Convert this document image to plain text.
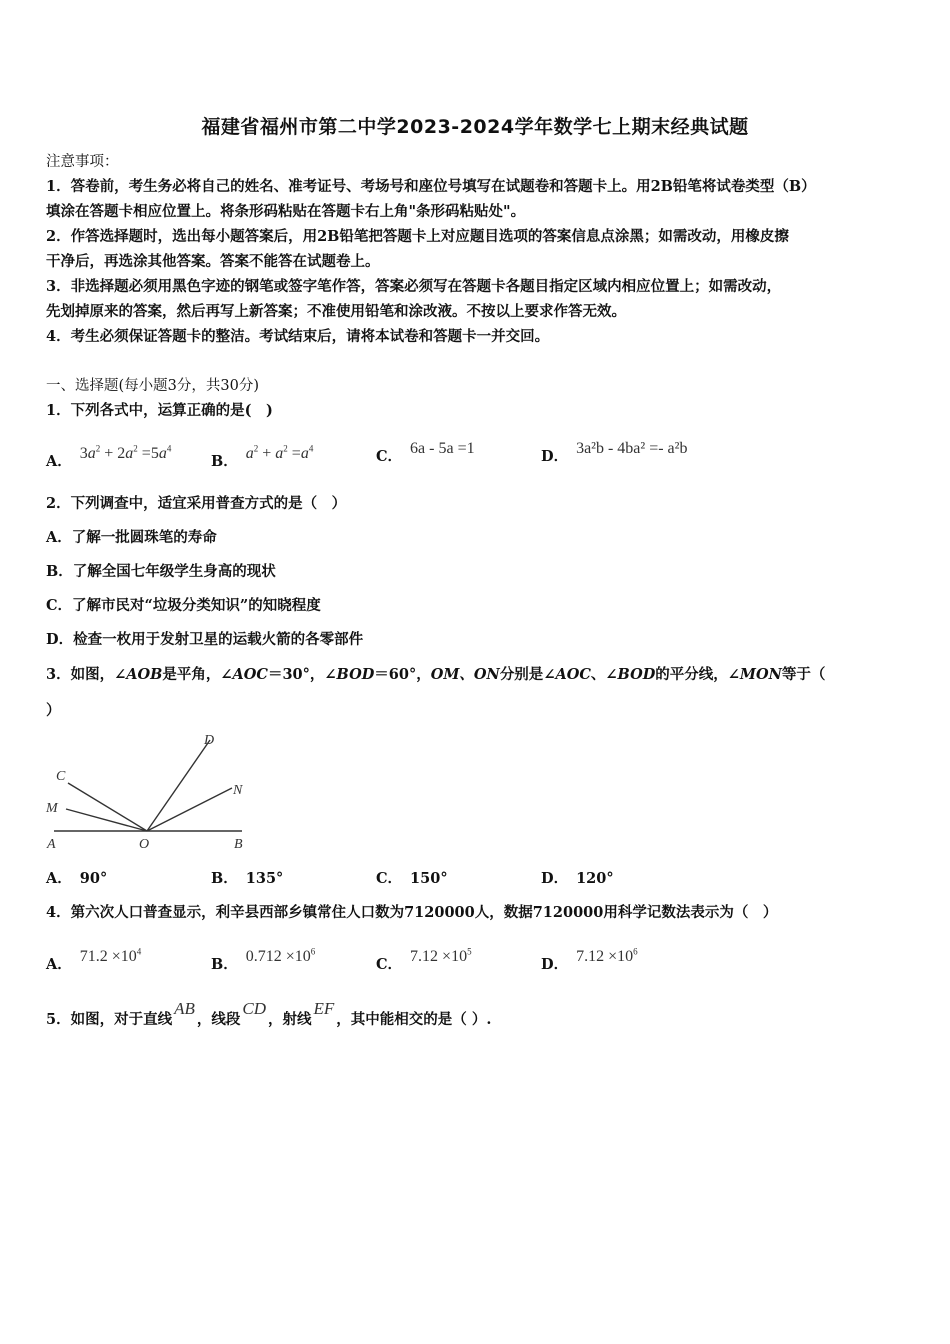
福建省福州市第二中学2023-2024学年数学七上期末经典试题
注意事项：
1．答卷前，考生务必将自己的姓名、准考证号、考场号和座位号填写在试题卷和答题卡上。用2B铅笔将试卷类型（B）
填涂在答题卡相应位置上。将条形码粘贴在答题卡右上角"条形码粘贴处"。
2．作答选择题时，选出每小题答案后，用2B铅笔把答题卡上对应题目选项的答案信息点涂黑；如需改动，用橡皮擦
干净后，再选涂其他答案。答案不能答在试题卷上。
3．非选择题必须用黑色字迹的钢笔或签字笔作答，答案必须写在答题卡各题目指定区域内相应位置上；如需改动，
先划掉原来的答案，然后再写上新答案；不准使用铅笔和涂改液。不按以上要求作答无效。
4．考生必须保证答题卡的整洁。考试结束后，请将本试卷和答题卡一并交回。
一、选择题(每小题3分，共30分)
1．下列各式中，运算正确的是(　)
A． $3a^2 + 2a^2 =5a^4$
B． $a^2 + a^2 =a^4$	C． 6a - 5a =1	D． 3a²b - 4ba² =- a²b
2．下列调查中，适宜采用普查方式的是（　）
A．了解一批圆珠笔的寿命
B．了解全国七年级学生身高的现状
C．了解市民对“垃圾分类知识”的知晓程度
D．检查一枚用于发射卫星的运载火箭的各零部件
3．如图，∠AOB是平角，∠AOC＝30°，∠BOD＝60°，OM、ON分别是∠AOC、∠BOD的平分线，∠MON等于（
）
A	O	B
C
M
D
N
A． 90°	B． 135°	C． 150°	D． 120°
4．第六次人口普查显示，利辛县西部乡镇常住人口数为7120000人，数据7120000用科学记数法表示为（　）
A． $71.2 \times 10^4$
B． $0.712 \times 10^6$
C． $7.12 \times 10^5$
D． $7.12 \times 10^6$
5．如图，对于直线AB，线段CD，射线EF，其中能相交的是（ ）.
